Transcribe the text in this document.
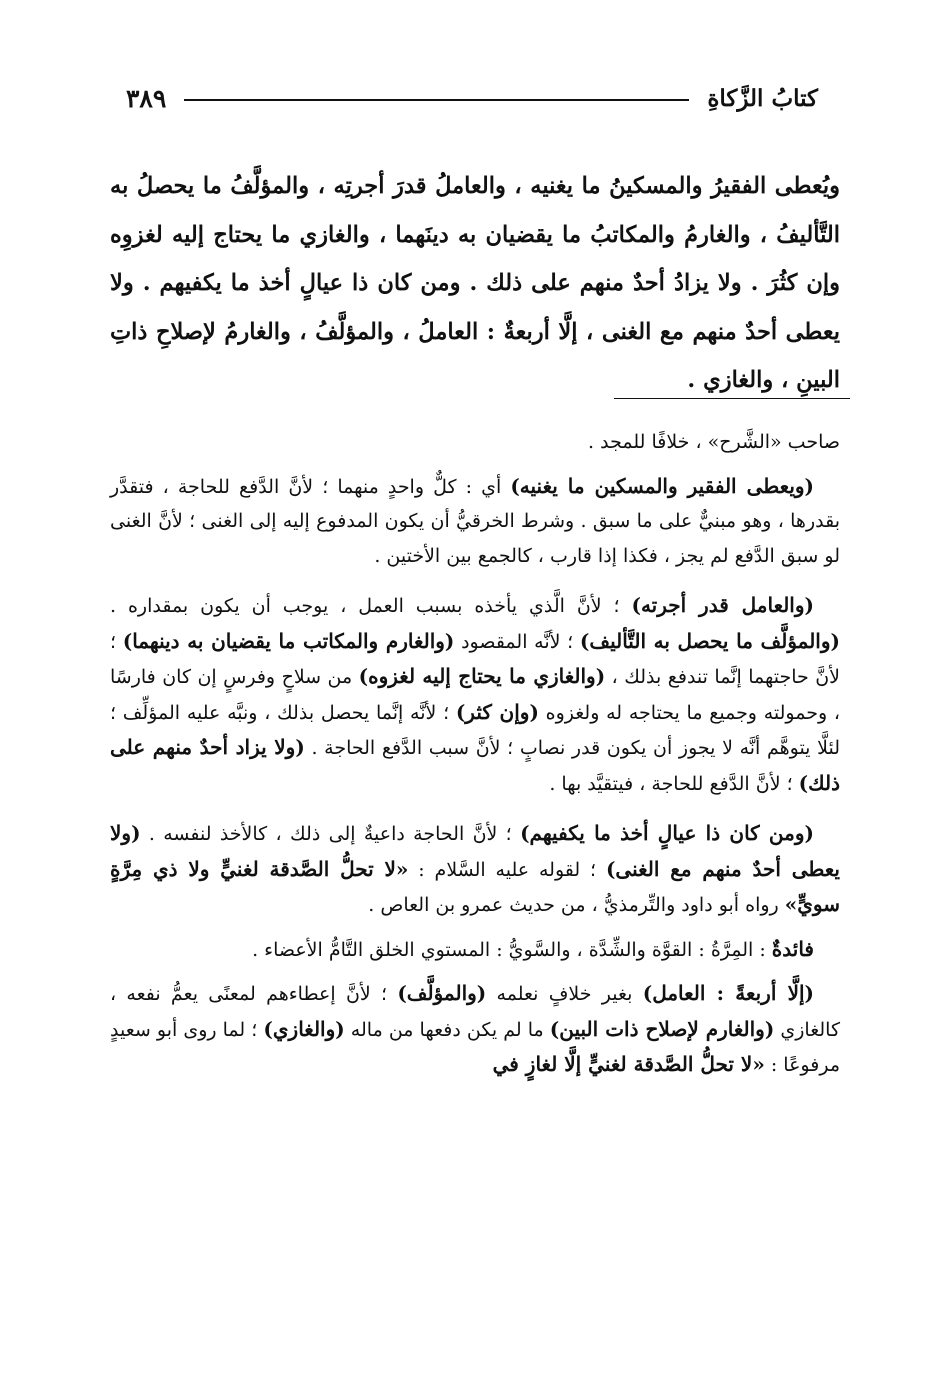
كتابُ الزَّكاةِ
٣٨٩

ويُعطى الفقيرُ والمسكينُ ما يغنيه ، والعاملُ قدرَ أجرتِه ، والمؤلَّفُ ما يحصلُ به التَّأليفُ ، والغارمُ والمكاتبُ ما يقضيان به دينَهما ، والغازي ما يحتاج إليه لغزوِه وإن كثُرَ . ولا يزادُ أحدٌ منهم على ذلك . ومن كان ذا عيالٍ أخذ ما يكفيهم . ولا يعطى أحدٌ منهم مع الغنى ، إلَّا أربعةٌ : العاملُ ، والمؤلَّفُ ، والغارمُ لإصلاحِ ذاتِ البينِ ، والغازي .

صاحب «الشَّرح» ، خلافًا للمجد .

(ويعطى الفقير والمسكين ما يغنيه) أي : كلٌّ واحدٍ منهما ؛ لأنَّ الدَّفع للحاجة ، فتقدَّر بقدرها ، وهو مبنيٌّ على ما سبق . وشرط الخرقيُّ أن يكون المدفوع إليه إلى الغنى ؛ لأنَّ الغنى لو سبق الدَّفع لم يجز ، فكذا إذا قارب ، كالجمع بين الأختين .

(والعامل قدر أجرته) ؛ لأنَّ الَّذي يأخذه بسبب العمل ، يوجب أن يكون بمقداره . (والمؤلَّف ما يحصل به التَّأليف) ؛ لأنَّه المقصود (والغارم والمكاتب ما يقضيان به دينهما) ؛ لأنَّ حاجتهما إنَّما تندفع بذلك ، (والغازي ما يحتاج إليه لغزوه) من سلاحٍ وفرسٍ إن كان فارسًا ، وحمولته وجميع ما يحتاجه له ولغزوه (وإن كثر) ؛ لأنَّه إنَّما يحصل بذلك ، ونبَّه عليه المؤلِّف ؛ لئلَّا يتوهَّم أنَّه لا يجوز أن يكون قدر نصابٍ ؛ لأنَّ سبب الدَّفع الحاجة . (ولا يزاد أحدٌ منهم على ذلك) ؛ لأنَّ الدَّفع للحاجة ، فيتقيَّد بها .

(ومن كان ذا عيالٍ أخذ ما يكفيهم) ؛ لأنَّ الحاجة داعيةٌ إلى ذلك ، كالأخذ لنفسه . (ولا يعطى أحدٌ منهم مع الغنى) ؛ لقوله عليه السَّلام : «لا تحلُّ الصَّدقة لغنيٍّ ولا ذي مِرَّةٍ سويٍّ» رواه أبو داود والتِّرمذيُّ ، من حديث عمرو بن العاص .

فائدةٌ : المِرَّةُ : القوَّة والشِّدَّة ، والسَّويُّ : المستوي الخلق التَّامُّ الأعضاء .

(إلَّا أربعةً : العامل) بغير خلافٍ نعلمه (والمؤلَّف) ؛ لأنَّ إعطاءهم لمعنًى يعمُّ نفعه ، كالغازي (والغارم لإصلاح ذات البين) ما لم يكن دفعها من ماله (والغازي) ؛ لما روى أبو سعيدٍ مرفوعًا : «لا تحلُّ الصَّدقة لغنيٍّ إلَّا لغازٍ في
